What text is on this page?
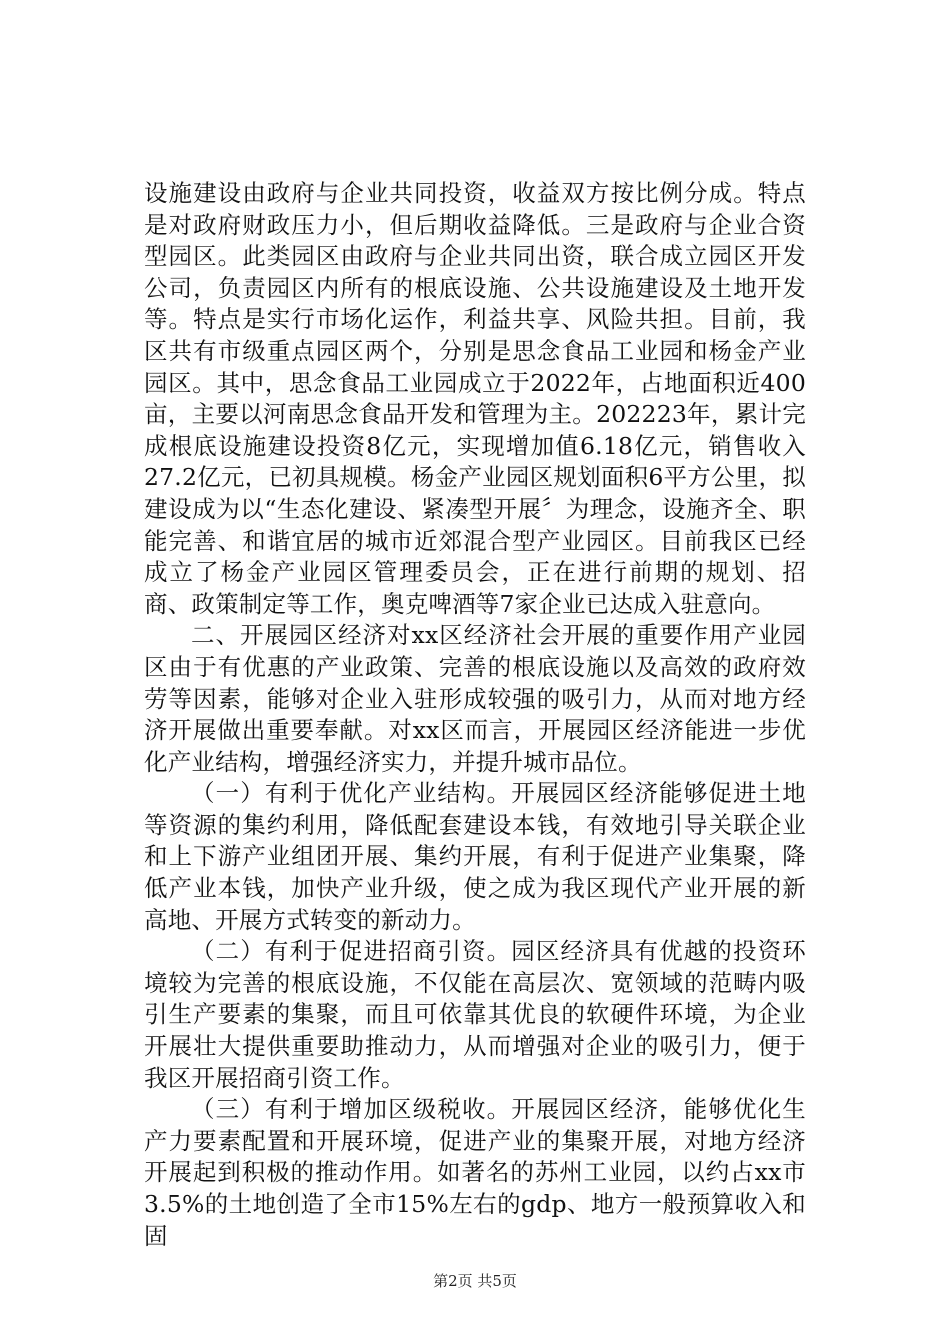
设施建设由政府与企业共同投资，收益双方按比例分成。特点是对政府财政压力小，但后期收益降低。三是政府与企业合资型园区。此类园区由政府与企业共同出资，联合成立园区开发公司，负责园区内所有的根底设施、公共设施建设及土地开发等。特点是实行市场化运作，利益共享、风险共担。目前，我区共有市级重点园区两个，分别是思念食品工业园和杨金产业园区。其中，思念食品工业园成立于2022年，占地面积近400亩，主要以河南思念食品开发和管理为主。202223年，累计完成根底设施建设投资8亿元，实现增加值6.18亿元，销售收入27.2亿元，已初具规模。杨金产业园区规划面积6平方公里，拟建设成为以“生态化建设、紧凑型开展〞为理念，设施齐全、职能完善、和谐宜居的城市近郊混合型产业园区。目前我区已经成立了杨金产业园区管理委员会，正在进行前期的规划、招商、政策制定等工作，奥克啤酒等7家企业已达成入驻意向。

二、开展园区经济对xx区经济社会开展的重要作用产业园区由于有优惠的产业政策、完善的根底设施以及高效的政府效劳等因素，能够对企业入驻形成较强的吸引力，从而对地方经济开展做出重要奉献。对xx区而言，开展园区经济能进一步优化产业结构，增强经济实力，并提升城市品位。

（一）有利于优化产业结构。开展园区经济能够促进土地等资源的集约利用，降低配套建设本钱，有效地引导关联企业和上下游产业组团开展、集约开展，有利于促进产业集聚，降低产业本钱，加快产业升级，使之成为我区现代产业开展的新高地、开展方式转变的新动力。

（二）有利于促进招商引资。园区经济具有优越的投资环境较为完善的根底设施，不仅能在高层次、宽领域的范畴内吸引生产要素的集聚，而且可依靠其优良的软硬件环境，为企业开展壮大提供重要助推动力，从而增强对企业的吸引力，便于我区开展招商引资工作。

（三）有利于增加区级税收。开展园区经济，能够优化生产力要素配置和开展环境，促进产业的集聚开展，对地方经济开展起到积极的推动作用。如著名的苏州工业园，以约占xx市3.5%的土地创造了全市15%左右的gdp、地方一般预算收入和固

第2页 共5页
